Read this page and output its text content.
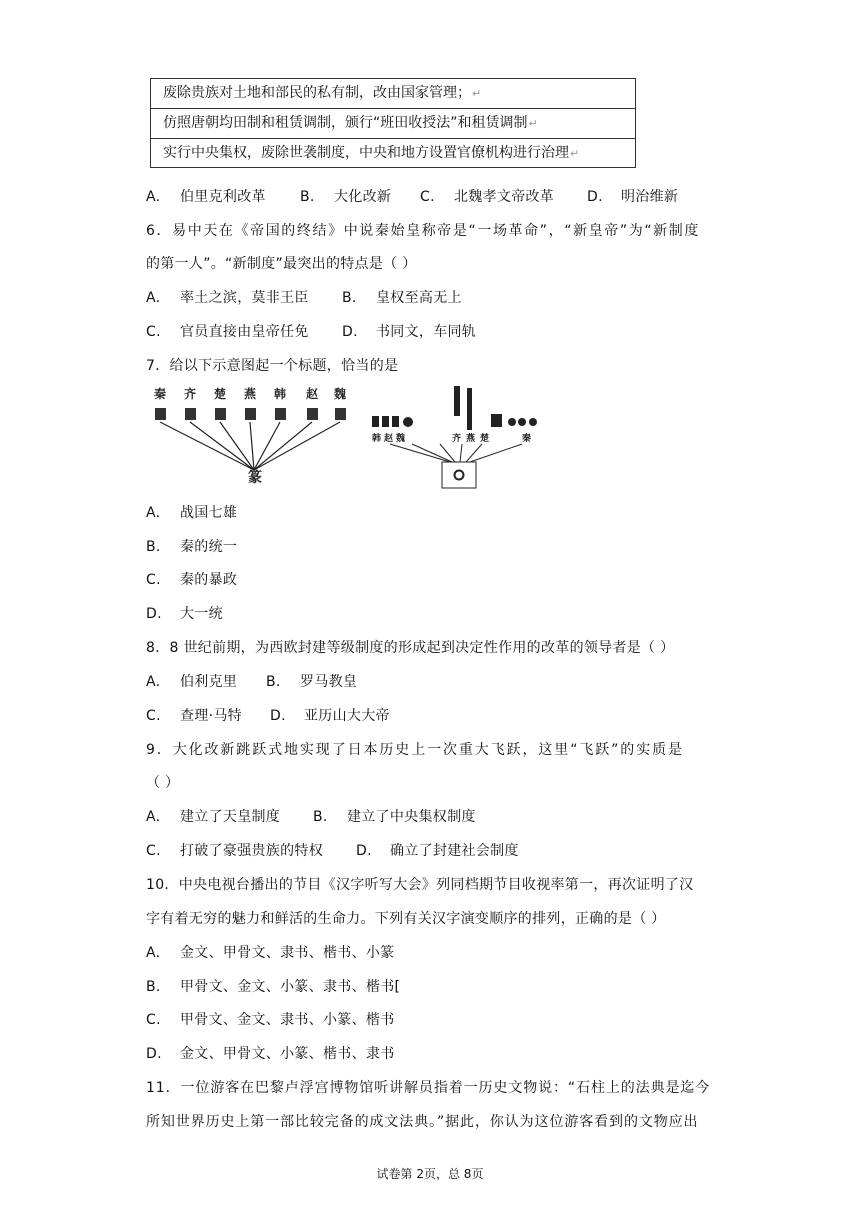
废除贵族对土地和部民的私有制，改由国家管理；↵
仿照唐朝均田制和租赁调制，颁行“班田收授法”和租赁调制↵
实行中央集权，废除世袭制度，中央和地方设置官僚机构进行治理↵
A. 伯里克利改革 B. 大化改新 C. 北魏孝文帝改革 D. 明治维新
6．易中天在《帝国的终结》中说秦始皇称帝是“一场革命”，“新皇帝”为“新制度
的第一人”。“新制度”最突出的特点是（ ）
A. 率土之滨，莫非王臣 B. 皇权至高无上
C. 官员直接由皇帝任免 D. 书同文，车同轨
7．给以下示意图起一个标题，恰当的是
秦 齐 楚 燕 韩 赵 魏
篆
韩 赵 魏	齐 燕 楚	秦
A. 战国七雄
B. 秦的统一
C. 秦的暴政
D. 大一统
8．8 世纪前期，为西欧封建等级制度的形成起到决定性作用的改革的领导者是（ ）
A. 伯利克里 B. 罗马教皇
C. 查理·马特 D. 亚历山大大帝
9．大化改新跳跃式地实现了日本历史上一次重大飞跃，这里“飞跃”的实质是
（ ）
A. 建立了天皇制度 B. 建立了中央集权制度
C. 打破了豪强贵族的特权 D. 确立了封建社会制度
10．中央电视台播出的节目《汉字听写大会》列同档期节目收视率第一，再次证明了汉
字有着无穷的魅力和鲜活的生命力。下列有关汉字演变顺序的排列，正确的是（ ）
A. 金文、甲骨文、隶书、楷书、小篆
B. 甲骨文、金文、小篆、隶书、楷书[
C. 甲骨文、金文、隶书、小篆、楷书
D. 金文、甲骨文、小篆、楷书、隶书
11．一位游客在巴黎卢浮宫博物馆听讲解员指着一历史文物说：“石柱上的法典是迄今
所知世界历史上第一部比较完备的成文法典。”据此，你认为这位游客看到的文物应出
试卷第 2页，总 8页
